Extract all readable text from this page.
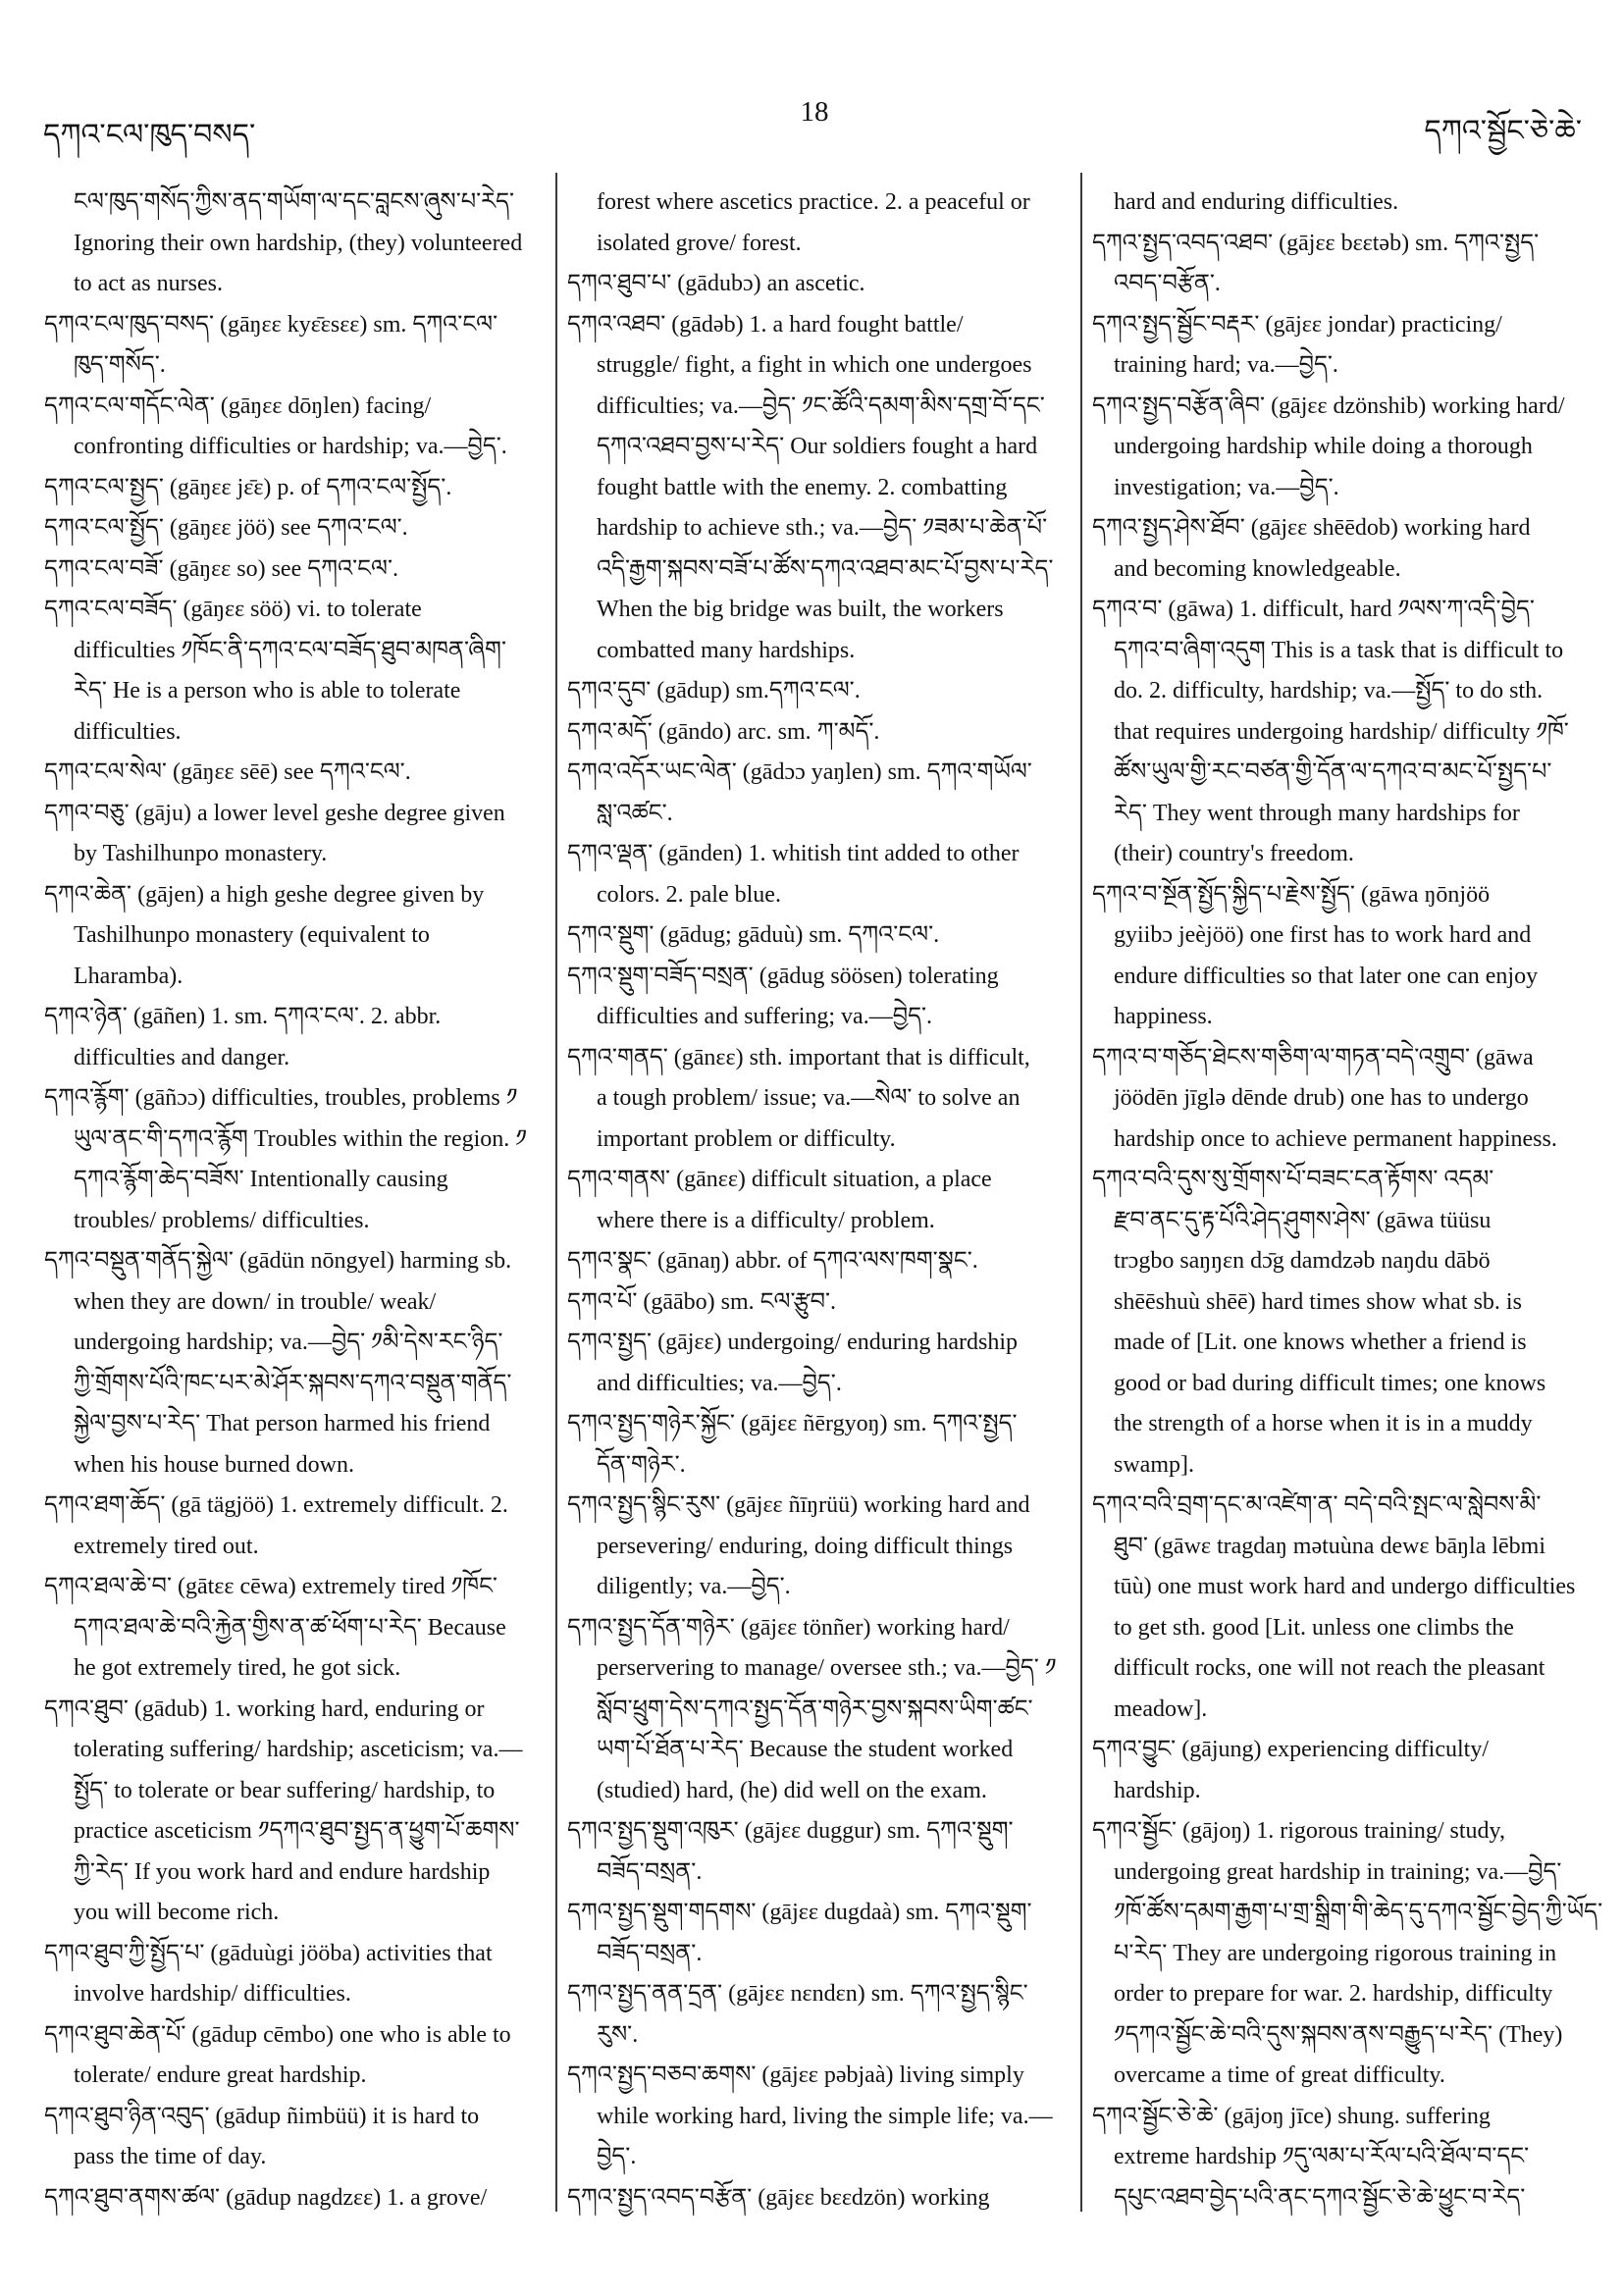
དཀའ་ངལ་ཁུད་བསད་
18
དཀའ་སྦྱོང་ཅེ་ཆེ་
ངལ་ཁུད་གསོད་ཀྱིས་ནད་གཡོག་ལ་དང་བླངས་ཞུས་པ་རེད་
Ignoring their own hardship, (they) volunteered
to act as nurses.
དཀའ་ངལ་ཁུད་བསད་ (gāŋɛɛ kyɛ̄ɛsɛɛ) sm. དཀའ་ངལ་
ཁུད་གསོད་.
དཀའ་ངལ་གདོང་ལེན་ (gāŋɛɛ dōŋlen) facing/
confronting difficulties or hardship; va.—བྱེད་.
དཀའ་ངལ་སྤྱད་ (gāŋɛɛ jɛ̄ɛ) p. of དཀའ་ངལ་སྤྱོད་.
དཀའ་ངལ་སྤྱོད་ (gāŋɛɛ jöö) see དཀའ་ངལ་.
དཀའ་ངལ་བཟོ་ (gāŋɛɛ so) see དཀའ་ངལ་.
དཀའ་ངལ་བཟོད་ (gāŋɛɛ söö) vi. to tolerate
difficulties ༡ཁོང་ནི་དཀའ་ངལ་བཟོད་ཐུབ་མཁན་ཞིག་
རེད་ He is a person who is able to tolerate
difficulties.
དཀའ་ངལ་སེལ་ (gāŋɛɛ sēē) see དཀའ་ངལ་.
དཀའ་བཅུ་ (gāju) a lower level geshe degree given
by Tashilhunpo monastery.
དཀའ་ཆེན་ (gājen) a high geshe degree given by
Tashilhunpo monastery (equivalent to
Lharamba).
དཀའ་ཉེན་ (gāñen) 1. sm. དཀའ་ངལ་. 2. abbr.
difficulties and danger.
དཀའ་རྙོག་ (gāñɔɔ) difficulties, troubles, problems ༡
ཡུལ་ནང་གི་དཀའ་རྙོག Troubles within the region. ༡
དཀའ་རྙོག་ཆེད་བཟོས་ Intentionally causing
troubles/ problems/ difficulties.
དཀའ་བསྡུན་གནོད་སྐྱེལ་ (gādün nōngyel) harming sb.
when they are down/ in trouble/ weak/
undergoing hardship; va.—བྱེད་ ༡མི་དེས་རང་ཉིད་
ཀྱི་གྲོགས་པོའི་ཁང་པར་མེ་ཤོར་སྐབས་དཀའ་བསྡུན་གནོད་
སྐྱེལ་བྱས་པ་རེད་ That person harmed his friend
when his house burned down.
དཀའ་ཐག་ཆོད་ (gā tägjöö) 1. extremely difficult. 2.
extremely tired out.
དཀའ་ཐལ་ཆེ་བ་ (gātɛɛ cēwa) extremely tired ༡ཁོང་
དཀའ་ཐལ་ཆེ་བའི་རྐྱེན་གྱིས་ན་ཚ་ཕོག་པ་རེད་ Because
he got extremely tired, he got sick.
དཀའ་ཐུབ་ (gādub) 1. working hard, enduring or
tolerating suffering/ hardship; asceticism; va.—
སྤྱོད་ to tolerate or bear suffering/ hardship, to
practice asceticism ༡དཀའ་ཐུབ་སྤྱད་ན་ཕྱུག་པོ་ཆགས་
ཀྱི་རེད་ If you work hard and endure hardship
you will become rich.
དཀའ་ཐུབ་ཀྱི་སྤྱོད་པ་ (gāduùgi jööba) activities that
involve hardship/ difficulties.
དཀའ་ཐུབ་ཆེན་པོ་ (gādup cēmbo) one who is able to
tolerate/ endure great hardship.
དཀའ་ཐུབ་ཉིན་འབུད་ (gādup ñimbüü) it is hard to
pass the time of day.
དཀའ་ཐུབ་ནགས་ཚལ་ (gādup nagdzɛɛ) 1. a grove/
forest where ascetics practice. 2. a peaceful or
isolated grove/ forest.
དཀའ་ཐུབ་པ་ (gādubɔ) an ascetic.
དཀའ་འཐབ་ (gādəb) 1. a hard fought battle/
struggle/ fight, a fight in which one undergoes
difficulties; va.—བྱེད་ ༡ང་ཚོའི་དམག་མིས་དགྲ་བོ་དང་
དཀའ་འཐབ་བྱས་པ་རེད་ Our soldiers fought a hard
fought battle with the enemy. 2. combatting
hardship to achieve sth.; va.—བྱེད་ ༡ཟམ་པ་ཆེན་པོ་
འདི་རྒྱག་སྐབས་བཟོ་པ་ཚོས་དཀའ་འཐབ་མང་པོ་བྱས་པ་རེད་
When the big bridge was built, the workers
combatted many hardships.
དཀའ་དུབ་ (gādup) sm.དཀའ་ངལ་.
དཀའ་མདོ་ (gāndo) arc. sm. ཀ་མདོ་.
དཀའ་འདོར་ཡང་ལེན་ (gādɔɔ yaŋlen) sm. དཀའ་གཡོལ་
སླ་འཚང་.
དཀའ་ལྡན་ (gānden) 1. whitish tint added to other
colors. 2. pale blue.
དཀའ་སྡུག་ (gādug; gāduù) sm. དཀའ་ངལ་.
དཀའ་སྡུག་བཟོད་བསྲན་ (gādug söösen) tolerating
difficulties and suffering; va.—བྱེད་.
དཀའ་གནད་ (gānɛɛ) sth. important that is difficult,
a tough problem/ issue; va.—སེལ་ to solve an
important problem or difficulty.
དཀའ་གནས་ (gānɛɛ) difficult situation, a place
where there is a difficulty/ problem.
དཀའ་སྣང་ (gānaŋ) abbr. of དཀའ་ལས་ཁག་སྣང་.
དཀའ་པོ་ (gāābo) sm. ངལ་རྩུབ་.
དཀའ་སྤྱད་ (gājɛɛ) undergoing/ enduring hardship
and difficulties; va.—བྱེད་.
དཀའ་སྤྱད་གཉེར་སྐྱོང་ (gājɛɛ ñērgyoŋ) sm. དཀའ་སྤྱད་
དོན་གཉེར་.
དཀའ་སྤྱད་སྙིང་རུས་ (gājɛɛ ñīŋrüü) working hard and
persevering/ enduring, doing difficult things
diligently; va.—བྱེད་.
དཀའ་སྤྱད་དོན་གཉེར་ (gājɛɛ tönñer) working hard/
perservering to manage/ oversee sth.; va.—བྱེད་ ༡
སློབ་ཕྲུག་དེས་དཀའ་སྤྱད་དོན་གཉེར་བྱས་སྐབས་ཡིག་ཚང་
ཡག་པོ་ཐོན་པ་རེད་ Because the student worked
(studied) hard, (he) did well on the exam.
དཀའ་སྤྱད་སྡུག་འཁུར་ (gājɛɛ duggur) sm. དཀའ་སྡུག་
བཟོད་བསྲན་.
དཀའ་སྤྱད་སྡུག་གདགས་ (gājɛɛ dugdaà) sm. དཀའ་སྡུག་
བཟོད་བསྲན་.
དཀའ་སྤྱད་ནན་དྲན་ (gājɛɛ nɛndɛn) sm. དཀའ་སྤྱད་སྙིང་
རུས་.
དཀའ་སྤྱད་བཅབ་ཆགས་ (gājɛɛ pəbjaà) living simply
while working hard, living the simple life; va.—
བྱེད་.
དཀའ་སྤྱད་འབད་བརྩོན་ (gājɛɛ bɛɛdzön) working
hard and enduring difficulties.
དཀའ་སྤྱད་འབད་འཐབ་ (gājɛɛ bɛɛtəb) sm. དཀའ་སྤྱད་
འབད་བརྩོན་.
དཀའ་སྤྱད་སྦྱོང་བརྡར་ (gājɛɛ jondar) practicing/
training hard; va.—བྱེད་.
དཀའ་སྤྱད་བརྩོན་ཞིབ་ (gājɛɛ dzönshib) working hard/
undergoing hardship while doing a thorough
investigation; va.—བྱེད་.
དཀའ་སྤྱད་ཤེས་ཐོབ་ (gājɛɛ shēēdob) working hard
and becoming knowledgeable.
དཀའ་བ་ (gāwa) 1. difficult, hard ༡ལས་ཀ་འདི་བྱེད་
དཀའ་བ་ཞིག་འདུག This is a task that is difficult to
do. 2. difficulty, hardship; va.—སྤྱོད་ to do sth.
that requires undergoing hardship/ difficulty ༡ཁོ་
ཚོས་ཡུལ་གྱི་རང་བཙན་གྱི་དོན་ལ་དཀའ་བ་མང་པོ་སྤྱད་པ་
རེད་ They went through many hardships for
(their) country's freedom.
དཀའ་བ་སྔོན་སྤྱོད་སྐྱིད་པ་རྗེས་སྤྱོད་ (gāwa ŋōnjöö
gyiibɔ jeèjöö) one first has to work hard and
endure difficulties so that later one can enjoy
happiness.
དཀའ་བ་གཅོད་ཐེངས་གཅིག་ལ་གཏན་བདེ་འགྲུབ་ (gāwa
jöödēn jīglə dēnde drub) one has to undergo
hardship once to achieve permanent happiness.
དཀའ་བའི་དུས་སུ་གྲོགས་པོ་བཟང་ངན་རྟོགས་ འདམ་
རྫབ་ནང་དུ་རྟ་པོའི་ཤེད་ཤུགས་ཤེས་ (gāwa tüüsu
trɔgbo saŋŋɛn dɔ̄g damdzəb naŋdu dābö
shēēshuù shēē) hard times show what sb. is
made of [Lit. one knows whether a friend is
good or bad during difficult times; one knows
the strength of a horse when it is in a muddy
swamp].
དཀའ་བའི་བྲག་དང་མ་འཛེག་ན་ བདེ་བའི་སྤང་ལ་སླེབས་མི་
ཐུབ་ (gāwɛ tragdaŋ mətuùna dewɛ bāŋla lēbmi
tūù) one must work hard and undergo difficulties
to get sth. good [Lit. unless one climbs the
difficult rocks, one will not reach the pleasant
meadow].
དཀའ་བྱུང་ (gājung) experiencing difficulty/
hardship.
དཀའ་སྦྱོང་ (gājoŋ) 1. rigorous training/ study,
undergoing great hardship in training; va.—བྱེད་
༡ཁོ་ཚོས་དམག་རྒྱག་པ་གྲ་སྒྲིག་གི་ཆེད་དུ་དཀའ་སྦྱོང་བྱེད་ཀྱི་ཡོད་
པ་རེད་ They are undergoing rigorous training in
order to prepare for war. 2. hardship, difficulty
༡དཀའ་སྦྱོང་ཆེ་བའི་དུས་སྐབས་ནས་བརྒྱུད་པ་རེད་ (They)
overcame a time of great difficulty.
དཀའ་སྦྱོང་ཅེ་ཆེ་ (gājoŋ jīce) shung. suffering
extreme hardship ༡དུ་ལམ་པ་རོལ་པའི་ཐོལ་བ་དང་
དཔུང་འཐབ་བྱེད་པའི་ནང་དཀའ་སྦྱོང་ཅེ་ཆེ་ཕྱུང་བ་རེད་
